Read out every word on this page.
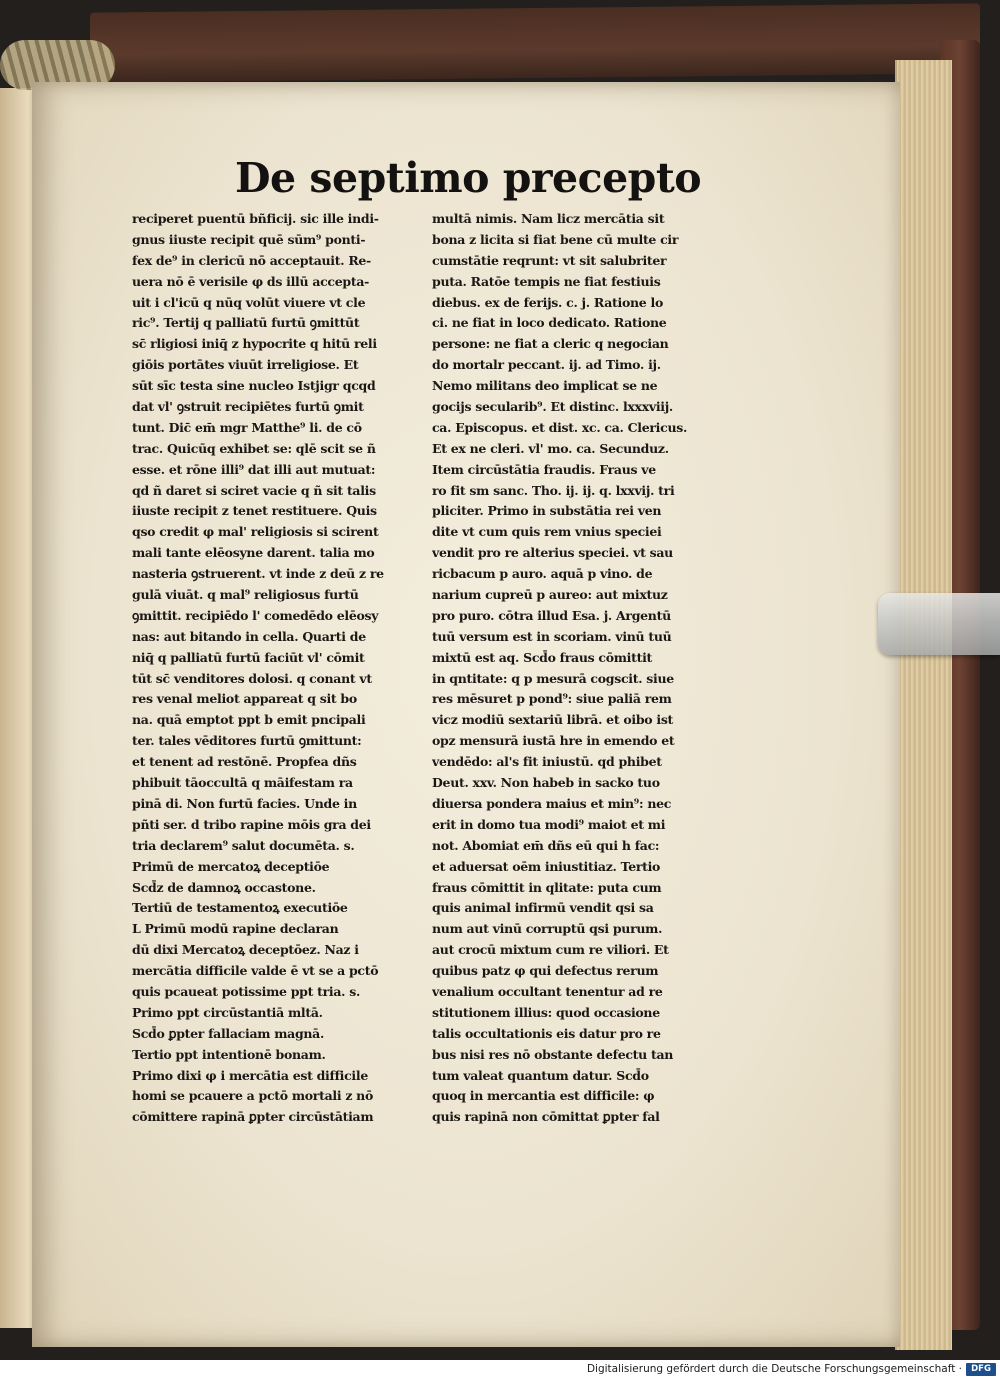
De septimo precepto
reciperet puentū bñficij. sic ille indi-
gnus iiuste recipit quē sūm⁹ ponti-
fex de⁹ in clericū nō acceptauit. Re-
uera nō ē verisile φ ds illū accepta-
uit i cl'icū q nūq volūt viuere vt cle
ric⁹. Tertij q palliatū furtū ꝯmittūt
sc̄ rligiosi iniq̄ z hypocrite q hitū reli
giōis portātes viuūt irreligiose. Et
sūt sīc testa sine nucleo Istjigr qcqd
dat vl' ꝯstruit recipiētes furtū ꝯmit
tunt. Dic̄ em̄ mgr Matthe⁹ li. de cō
trac. Quicūq exhibet se: qlē scit se ñ
esse. et rōne illi⁹ dat illi aut mutuat:
qd ñ daret si sciret vacie q ñ sit talis
iiuste recipit z tenet restituere. Quis
qso credit φ mal' religiosis si scirent
mali tante elēosyne darent. talia mo
nasteria ꝯstruerent. vt inde z deū z re
gulā viuāt. q mal⁹ religiosus furtū
ꝯmittit. recipiēdo l' comedēdo elēosy
nas: aut bitando in cella. Quarti de
niq̄ q palliatū furtū faciūt vl' cōmit
tūt sc̄ venditores dolosi. q conant vt
res venal meliot appareat q sit bo
na. quā emptot ppt b emit pncipali
ter. tales vēditores furtū ꝯmittunt:
et tenent ad restōnē. Propfea dñs
phibuit tāoccultā q māifestam ra
pinā di. Non furtū facies. Unde in
pñti ser. d tribo rapine mōis gra dei
tria declarem⁹ salut documēta. s.
Primū de mercatoꝝ deceptiōe
Scd̄z de damnoꝝ occastone.
Tertiū de testamentoꝝ executiōe
L Primū modū rapine declaran
dū dixi Mercatoꝝ deceptōez. Naz i
mercātia difficile valde ē vt se a pctō
quis pcaueat potissime ppt tria. s.
Primo ppt circūstantiā mltā.
Scd̄o ꝑpter fallaciam magnā.
Tertio ppt intentionē bonam.
Primo dixi φ i mercātia est difficile
homi se pcauere a pctō mortali z nō
cōmittere rapinā ꝑpter circūstātiam
multā nimis. Nam licz mercātia sit
bona z licita si fiat bene cū multe cir
cumstātie reqrunt: vt sit salubriter
puta. Ratōe tempis ne fiat festiuis
diebus. ex de ferijs. c. j. Ratione lo
ci. ne fiat in loco dedicato. Ratione
persone: ne fiat a cleric q negocian
do mortalr peccant. ij. ad Timo. ij.
Nemo militans deo implicat se ne
gocijs secularib⁹. Et distinc. lxxxviij.
ca. Episcopus. et dist. xc. ca. Clericus.
Et ex ne cleri. vl' mo. ca. Secunduz.
Item circūstātia fraudis. Fraus ve
ro fit sm sanc. Tho. ij. ij. q. lxxvij. tri
pliciter. Primo in substātia rei ven
dite vt cum quis rem vnius speciei
vendit pro re alterius speciei. vt sau
ricbacum p auro. aquā p vino. de
narium cupreū p aureo: aut mixtuz
pro puro. cōtra illud Esa. j. Argentū
tuū versum est in scoriam. vinū tuū
mixtū est aq. Scd̄o fraus cōmittit
in qntitate: q p mesurā cogscit. siue
res mēsuret p pond⁹: siue paliā rem
vicz modiū sextariū librā. et oibo ist
opz mensurā iustā hre in emendo et
vendēdo: al's fit iniustū. qd phibet
Deut. xxv. Non habeb in sacko tuo
diuersa pondera maius et min⁹: nec
erit in domo tua modi⁹ maiot et mi
not. Abomiat em̄ dñs eū qui h fac:
et aduersat oēm iniustitiaz. Tertio
fraus cōmittit in qlitate: puta cum
quis animal infirmū vendit qsi sa
num aut vinū corruptū qsi purum.
aut crocū mixtum cum re viliori. Et
quibus patz φ qui defectus rerum
venalium occultant tenentur ad re
stitutionem illius: quod occasione
talis occultationis eis datur pro re
bus nisi res nō obstante defectu tan
tum valeat quantum datur. Scd̄o
quoq in mercantia est difficile: φ
quis rapinā non cōmittat ꝑpter fal
Digitalisierung gefördert durch die Deutsche Forschungsgemeinschaft ·	DFG
